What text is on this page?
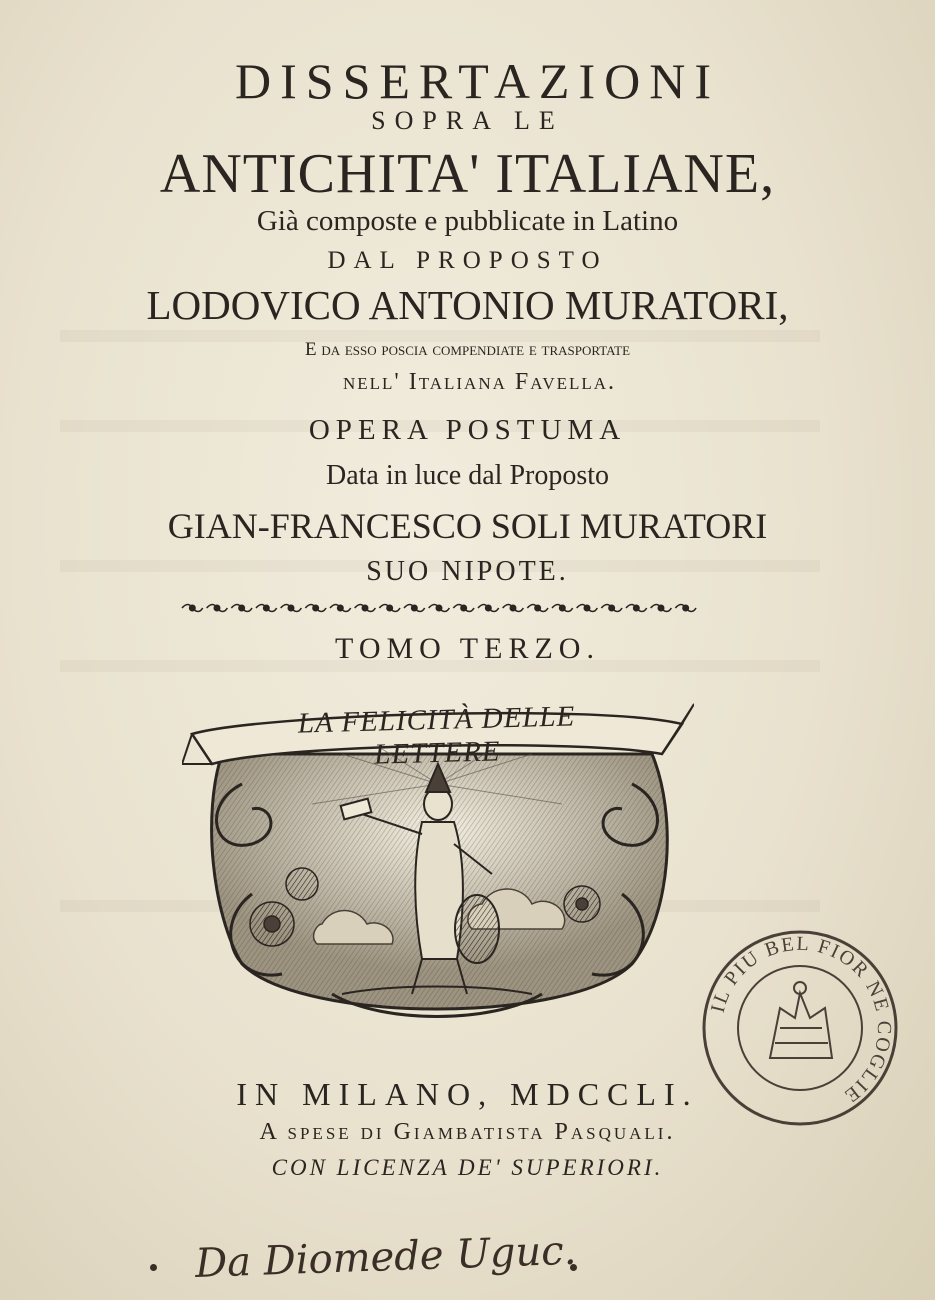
DISSERTAZIONI
SOPRA LE
ANTICHITA' ITALIANE,
Già composte e pubblicate in Latino
DAL PROPOSTO
LODOVICO ANTONIO MURATORI,
E da esso poscia compendiate e trasportate
nell' Italiana Favella.
OPERA POSTUMA
Data in luce dal Proposto
GIAN-FRANCESCO SOLI MURATORI
SUO NIPOTE.
TOMO TERZO.
LA FELICITÀ DELLE LETTERE
IN MILANO, MDCCLI.
A spese di Giambatista Pasquali.
CON LICENZA DE' SUPERIORI.
IL PIU BEL FIOR NE COGLIE
Da Diomede Uguc.
